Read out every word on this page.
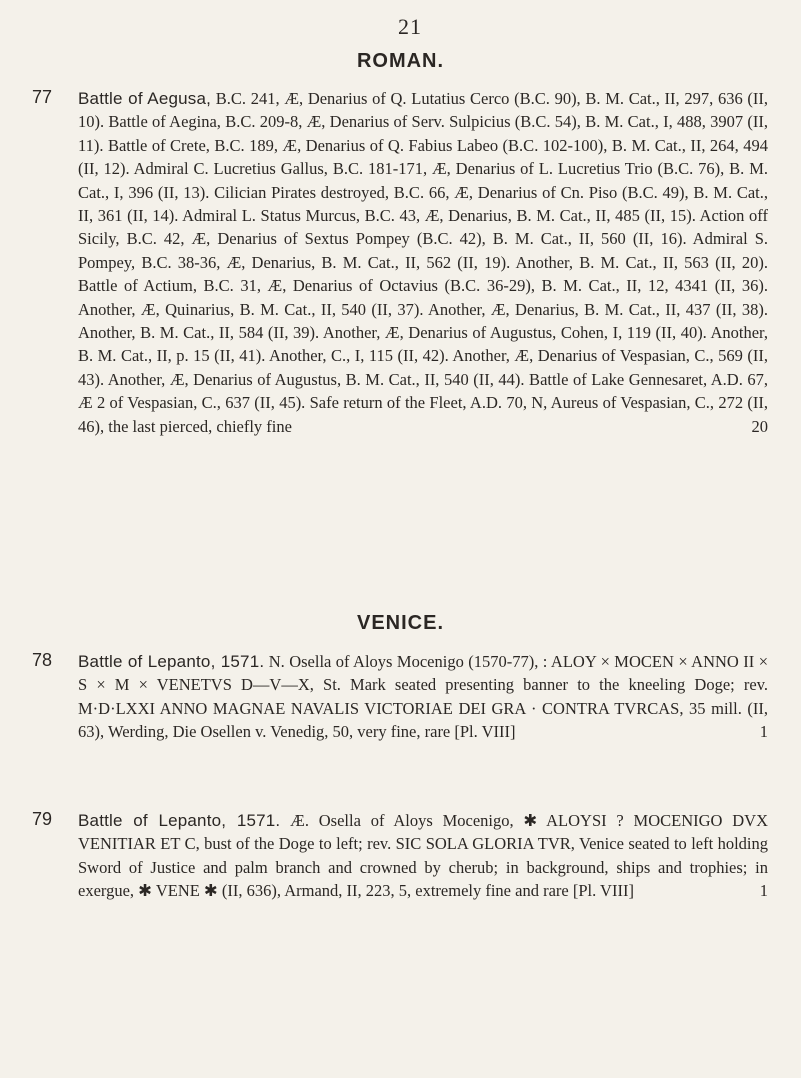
21
ROMAN.
77 Battle of Aegusa, B.C. 241, Æ, Denarius of Q. Lutatius Cerco (B.C. 90), B. M. Cat., II, 297, 636 (II, 10). Battle of Aegina, B.C. 209-8, Æ, Denarius of Serv. Sulpicius (B.C. 54), B. M. Cat., I, 488, 3907 (II, 11). Battle of Crete, B.C. 189, Æ, Denarius of Q. Fabius Labeo (B.C. 102-100), B. M. Cat., II, 264, 494 (II, 12). Admiral C. Lucretius Gallus, B.C. 181-171, Æ, Denarius of L. Lucretius Trio (B.C. 76), B. M. Cat., I, 396 (II, 13). Cilician Pirates destroyed, B.C. 66, Æ, Denarius of Cn. Piso (B.C. 49), B. M. Cat., II, 361 (II, 14). Admiral L. Status Murcus, B.C. 43, Æ, Denarius, B. M. Cat., II, 485 (II, 15). Action off Sicily, B.C. 42, Æ, Denarius of Sextus Pompey (B.C. 42), B. M. Cat., II, 560 (II, 16). Admiral S. Pompey, B.C. 38-36, Æ, Denarius, B. M. Cat., II, 562 (II, 19). Another, B. M. Cat., II, 563 (II, 20). Battle of Actium, B.C. 31, Æ, Denarius of Octavius (B.C. 36-29), B. M. Cat., II, 12, 4341 (II, 36). Another, Æ, Quinarius, B. M. Cat., II, 540 (II, 37). Another, Æ, Denarius, B. M. Cat., II, 437 (II, 38). Another, B. M. Cat., II, 584 (II, 39). Another, Æ, Denarius of Augustus, Cohen, I, 119 (II, 40). Another, B. M. Cat., II, p. 15 (II, 41). Another, C., I, 115 (II, 42). Another, Æ, Denarius of Vespasian, C., 569 (II, 43). Another, Æ, Denarius of Augustus, B. M. Cat., II, 540 (II, 44). Battle of Lake Gennesaret, A.D. 67, Æ 2 of Vespasian, C., 637 (II, 45). Safe return of the Fleet, A.D. 70, N, Aureus of Vespasian, C., 272 (II, 46), the last pierced, chiefly fine	20
VENICE.
78 Battle of Lepanto, 1571. N. Osella of Aloys Mocenigo (1570-77), : ALOY × MOCEN × ANNO II × S × M × VENETVS D—V—X, St. Mark seated presenting banner to the kneeling Doge; rev. M·D·LXXI ANNO MAGNAE NAVALIS VICTORIAE DEI GRA · CONTRA TVRCAS, 35 mill. (II, 63), Werding, Die Osellen v. Venedig, 50, very fine, rare [Pl. VIII]	1
79 Battle of Lepanto, 1571. Æ. Osella of Aloys Mocenigo, ✱ ALOYSI ? MOCENIGO DVX VENITIAR ET C, bust of the Doge to left; rev. SIC SOLA GLORIA TVR, Venice seated to left holding Sword of Justice and palm branch and crowned by cherub; in background, ships and trophies; in exergue, ✱ VENE ✱ (II, 636), Armand, II, 223, 5, extremely fine and rare [Pl. VIII]	1
